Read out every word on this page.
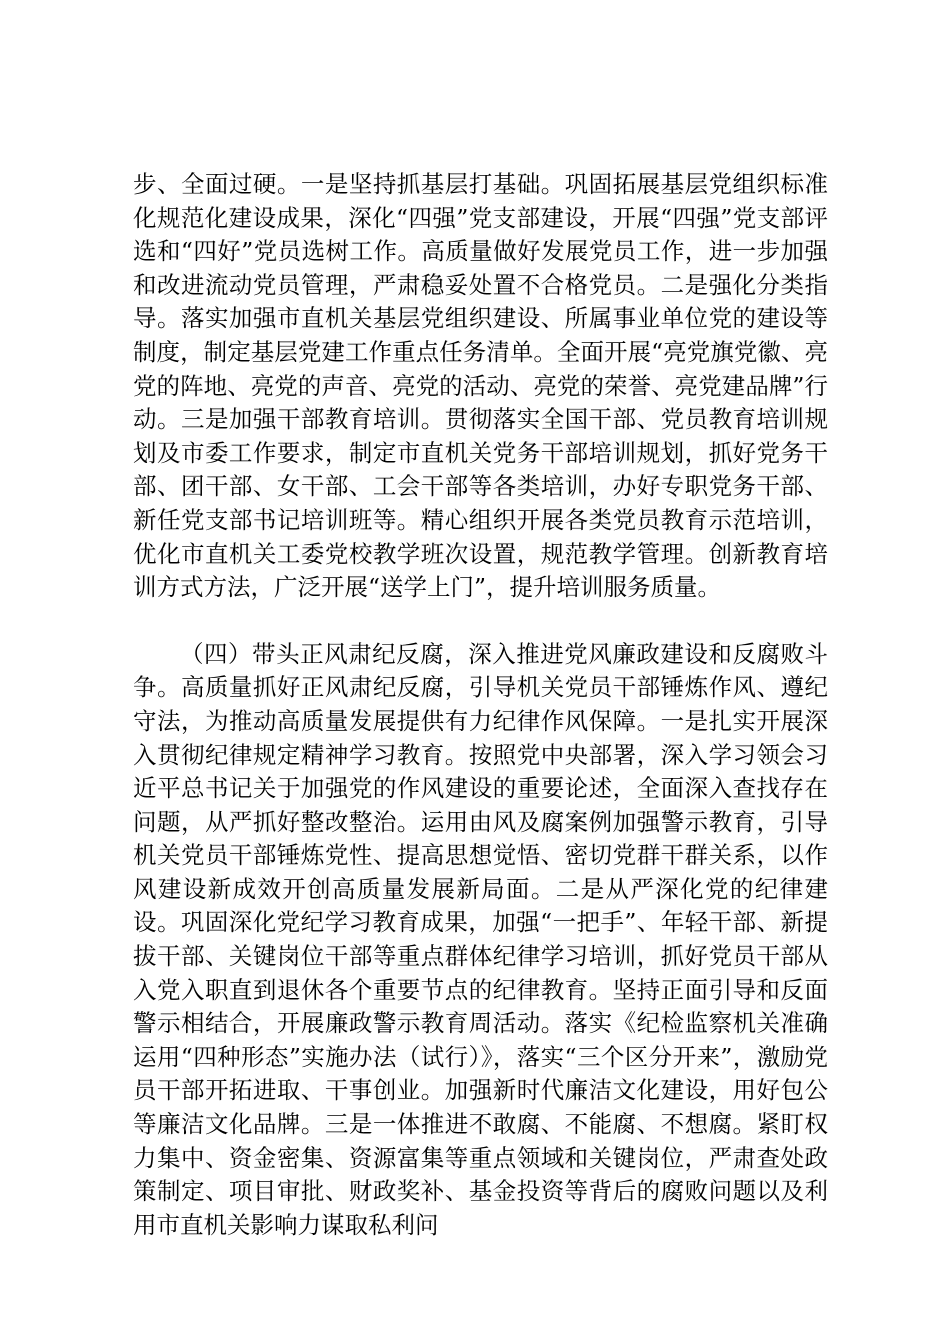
步、全面过硬。一是坚持抓基层打基础。巩固拓展基层党组织标准化规范化建设成果，深化“四强”党支部建设，开展“四强”党支部评选和“四好”党员选树工作。高质量做好发展党员工作，进一步加强和改进流动党员管理，严肃稳妥处置不合格党员。二是强化分类指导。落实加强市直机关基层党组织建设、所属事业单位党的建设等制度，制定基层党建工作重点任务清单。全面开展“亮党旗党徽、亮党的阵地、亮党的声音、亮党的活动、亮党的荣誉、亮党建品牌”行动。三是加强干部教育培训。贯彻落实全国干部、党员教育培训规划及市委工作要求，制定市直机关党务干部培训规划，抓好党务干部、团干部、女干部、工会干部等各类培训，办好专职党务干部、新任党支部书记培训班等。精心组织开展各类党员教育示范培训，优化市直机关工委党校教学班次设置，规范教学管理。创新教育培训方式方法，广泛开展“送学上门”，提升培训服务质量。

（四）带头正风肃纪反腐，深入推进党风廉政建设和反腐败斗争。高质量抓好正风肃纪反腐，引导机关党员干部锤炼作风、遵纪守法，为推动高质量发展提供有力纪律作风保障。一是扎实开展深入贯彻纪律规定精神学习教育。按照党中央部署，深入学习领会习近平总书记关于加强党的作风建设的重要论述，全面深入查找存在问题，从严抓好整改整治。运用由风及腐案例加强警示教育，引导机关党员干部锤炼党性、提高思想觉悟、密切党群干群关系，以作风建设新成效开创高质量发展新局面。二是从严深化党的纪律建设。巩固深化党纪学习教育成果，加强“一把手”、年轻干部、新提拔干部、关键岗位干部等重点群体纪律学习培训，抓好党员干部从入党入职直到退休各个重要节点的纪律教育。坚持正面引导和反面警示相结合，开展廉政警示教育周活动。落实《纪检监察机关准确运用“四种形态”实施办法（试行）》，落实“三个区分开来”，激励党员干部开拓进取、干事创业。加强新时代廉洁文化建设，用好包公等廉洁文化品牌。三是一体推进不敢腐、不能腐、不想腐。紧盯权力集中、资金密集、资源富集等重点领域和关键岗位，严肃查处政策制定、项目审批、财政奖补、基金投资等背后的腐败问题以及利用市直机关影响力谋取私利问
